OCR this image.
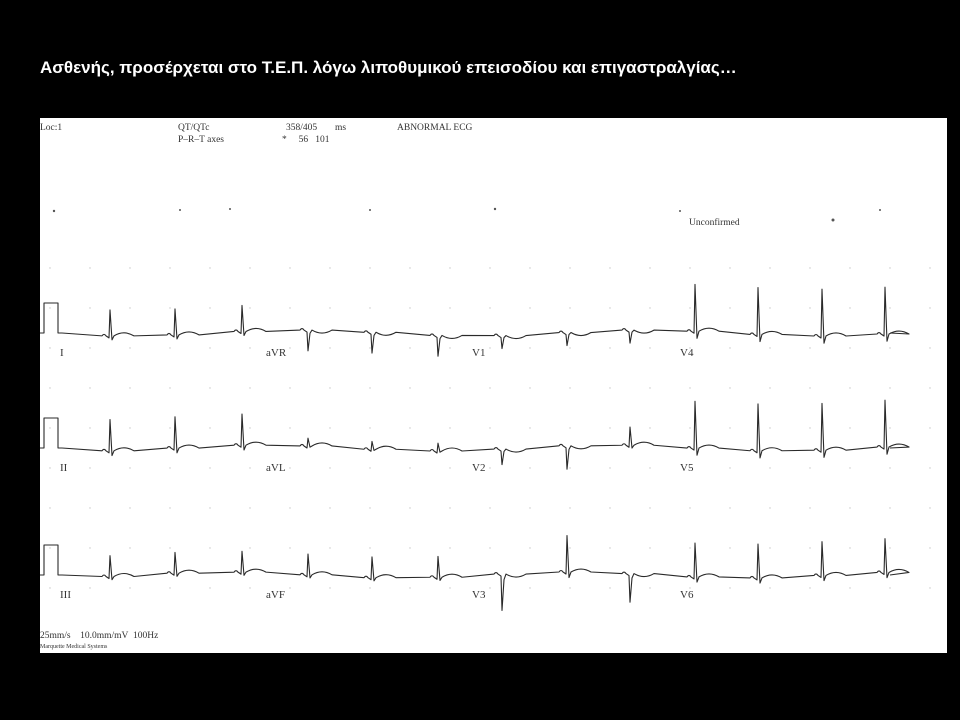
Ασθενής, προσέρχεται στο Τ.Ε.Π. λόγω λιποθυμικού επεισοδίου και επιγαστραλγίας…
Loc:1	QT/QTc	358/405 ms
P–R–T axes	*     56   101
ABNORMAL ECG
Unconfirmed
I	aVR	V1	V4
II	aVL	V2	V5
III	aVF	V3	V6
25mm/s    10.0mm/mV  100Hz
Marquette Medical Systems
